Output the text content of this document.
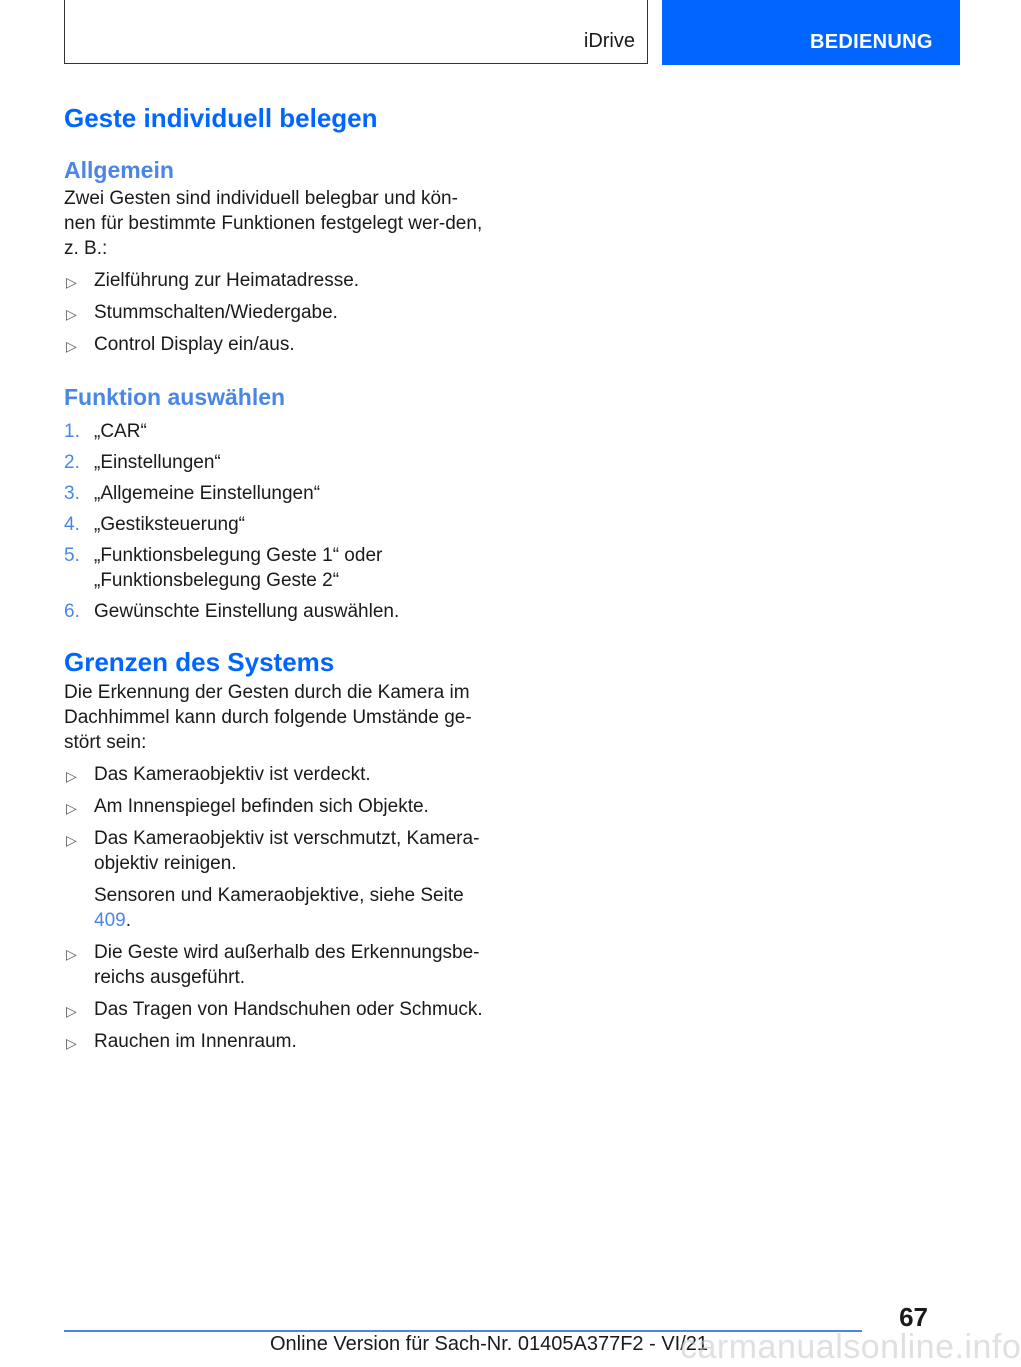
iDrive	BEDIENUNG
Geste individuell belegen
Allgemein

Zwei Gesten sind individuell belegbar und kön-nen für bestimmte Funktionen festgelegt wer-den, z. B.:

▷ Zielführung zur Heimatadresse.
▷ Stummschalten/Wiedergabe.
▷ Control Display ein/aus.
Funktion auswählen
1. „CAR“
2. „Einstellungen“
3. „Allgemeine Einstellungen“
4. „Gestiksteuerung“
5. „Funktionsbelegung Geste 1“ oder „Funktionsbelegung Geste 2“
6. Gewünschte Einstellung auswählen.
Grenzen des Systems

Die Erkennung der Gesten durch die Kamera im Dachhimmel kann durch folgende Umstände ge-stört sein:

▷ Das Kameraobjektiv ist verdeckt.
▷ Am Innenspiegel befinden sich Objekte.
▷ Das Kameraobjektiv ist verschmutzt, Kamera-objektiv reinigen.

Sensoren und Kameraobjektive, siehe Seite 409.

▷ Die Geste wird außerhalb des Erkennungsbe-reichs ausgeführt.
▷ Das Tragen von Handschuhen oder Schmuck.
▷ Rauchen im Innenraum.
67
Online Version für Sach-Nr. 01405A377F2 - VI/21
carmanualsonline.info
